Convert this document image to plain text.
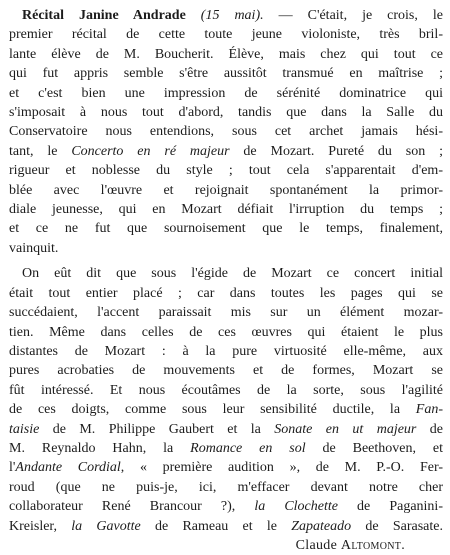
Récital Janine Andrade (15 mai). — C'était, je crois, le
premier récital de cette toute jeune violoniste, très bril-
lante élève de M. Boucherit. Élève, mais chez qui tout ce
qui fut appris semble s'être aussitôt transmué en maîtrise ;
et c'est bien une impression de sérénité dominatrice qui
s'imposait à nous tout d'abord, tandis que dans la Salle du
Conservatoire nous entendions, sous cet archet jamais hési-
tant, le Concerto en ré majeur de Mozart. Pureté du son ;
rigueur et noblesse du style ; tout cela s'apparentait d'em-
blée avec l'œuvre et rejoignait spontanément la primor-
diale jeunesse, qui en Mozart défiait l'irruption du temps ;
et ce ne fut que sournoisement que le temps, finalement,
vainquit.
On eût dit que sous l'égide de Mozart ce concert initial
était tout entier placé ; car dans toutes les pages qui se
succédaient, l'accent paraissait mis sur un élément mozar-
tien. Même dans celles de ces œuvres qui étaient le plus
distantes de Mozart : à la pure virtuosité elle-même, aux
pures acrobaties de mouvements et de formes, Mozart se
fût intéressé. Et nous écoutâmes de la sorte, sous l'agilité
de ces doigts, comme sous leur sensibilité ductile, la Fan-
taisie de M. Philippe Gaubert et la Sonate en ut majeur de
M. Reynaldo Hahn, la Romance en sol de Beethoven, et
l'Andante Cordial, « première audition », de M. P.-O. Fer-
roud (que ne puis-je, ici, m'effacer devant notre cher
collaborateur René Brancour ?), la Clochette de Paganini-
Kreisler, la Gavotte de Rameau et le Zapateado de Sarasate.
Claude Altomont.
